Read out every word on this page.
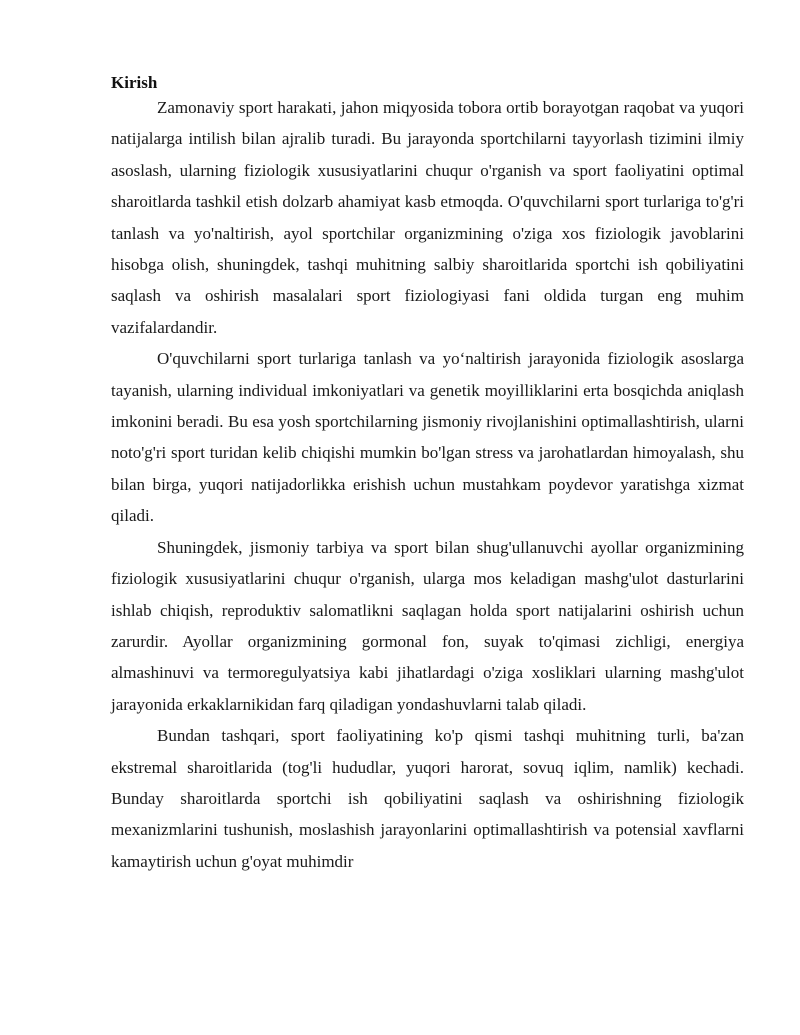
Kirish

Zamonaviy sport harakati, jahon miqyosida tobora ortib borayotgan raqobat va yuqori natijalarga intilish bilan ajralib turadi. Bu jarayonda sportchilarni tayyorlash tizimini ilmiy asoslash, ularning fiziologik xususiyatlarini chuqur o'rganish va sport faoliyatini optimal sharoitlarda tashkil etish dolzarb ahamiyat kasb etmoqda. O'quvchilarni sport turlariga to'g'ri tanlash va yo'naltirish, ayol sportchilar organizmining o'ziga xos fiziologik javoblarini hisobga olish, shuningdek, tashqi muhitning salbiy sharoitlarida sportchi ish qobiliyatini saqlash va oshirish masalalari sport fiziologiyasi fani oldida turgan eng muhim vazifalardandir.

O'quvchilarni sport turlariga tanlash va yo‘naltirish jarayonida fiziologik asoslarga tayanish, ularning individual imkoniyatlari va genetik moyilliklarini erta bosqichda aniqlash imkonini beradi. Bu esa yosh sportchilarning jismoniy rivojlanishini optimallashtirish, ularni noto'g'ri sport turidan kelib chiqishi mumkin bo'lgan stress va jarohatlardan himoyalash, shu bilan birga, yuqori natijadorlikka erishish uchun mustahkam poydevor yaratishga xizmat qiladi.

Shuningdek, jismoniy tarbiya va sport bilan shug'ullanuvchi ayollar organizmining fiziologik xususiyatlarini chuqur o'rganish, ularga mos keladigan mashg'ulot dasturlarini ishlab chiqish, reproduktiv salomatlikni saqlagan holda sport natijalarini oshirish uchun zarurdir. Ayollar organizmining gormonal fon, suyak to'qimasi zichligi, energiya almashinuvi va termoregulyatsiya kabi jihatlardagi o'ziga xosliklari ularning mashg'ulot jarayonida erkaklarnikidan farq qiladigan yondashuvlarni talab qiladi.

Bundan tashqari, sport faoliyatining ko'p qismi tashqi muhitning turli, ba'zan ekstremal sharoitlarida (tog'li hududlar, yuqori harorat, sovuq iqlim, namlik) kechadi. Bunday sharoitlarda sportchi ish qobiliyatini saqlash va oshirishning fiziologik mexanizmlarini tushunish, moslashish jarayonlarini optimallashtirish va potensial xavflarni kamaytirish uchun g'oyat muhimdir
